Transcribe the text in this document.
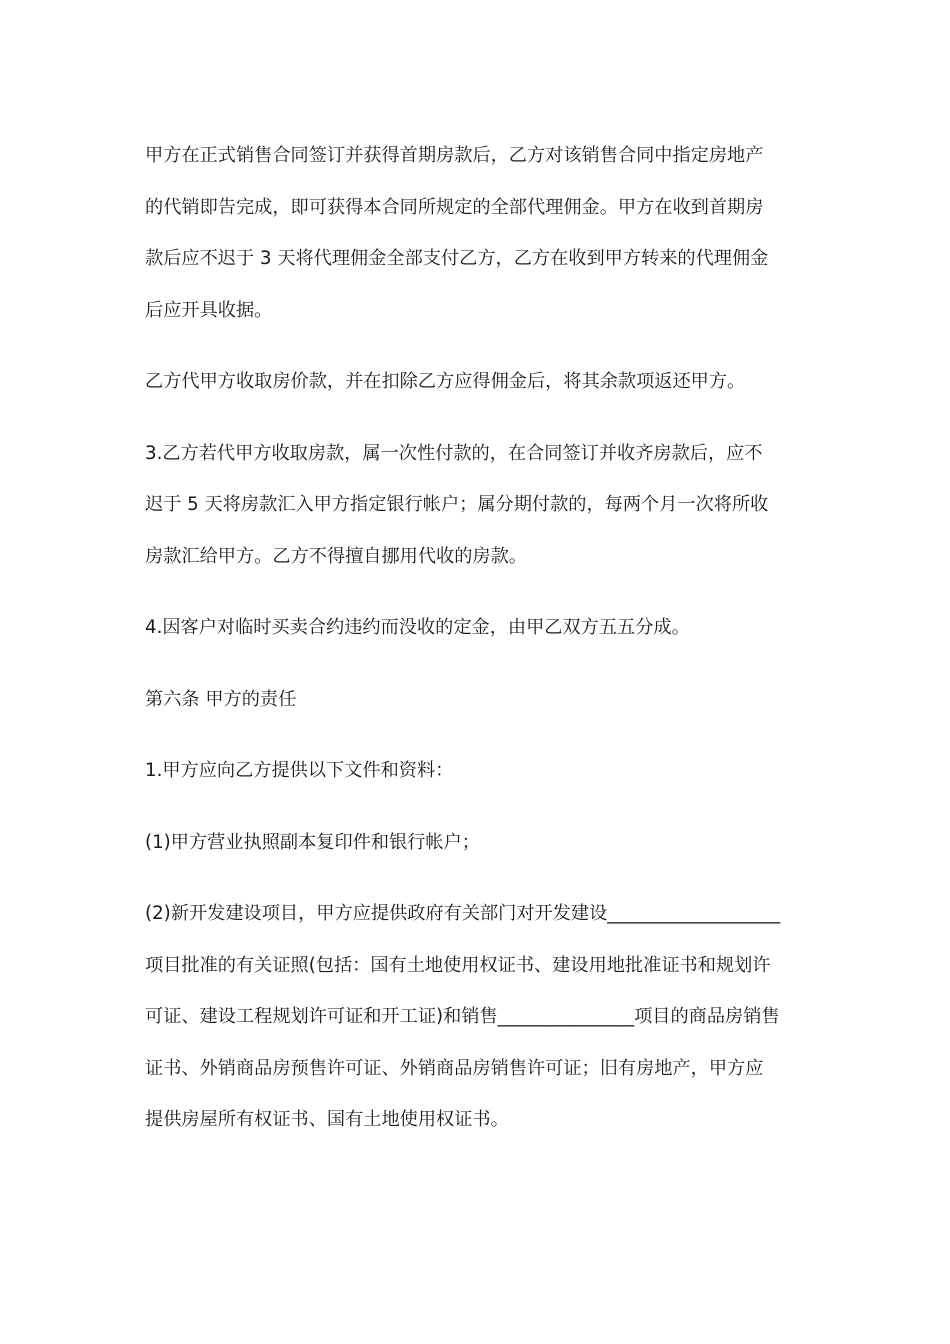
甲方在正式销售合同签订并获得首期房款后，乙方对该销售合同中指定房地产
的代销即告完成，即可获得本合同所规定的全部代理佣金。甲方在收到首期房
款后应不迟于 3 天将代理佣金全部支付乙方，乙方在收到甲方转来的代理佣金
后应开具收据。
乙方代甲方收取房价款，并在扣除乙方应得佣金后，将其余款项返还甲方。
3.乙方若代甲方收取房款，属一次性付款的，在合同签订并收齐房款后，应不
迟于 5 天将房款汇入甲方指定银行帐户；属分期付款的，每两个月一次将所收
房款汇给甲方。乙方不得擅自挪用代收的房款。
4.因客户对临时买卖合约违约而没收的定金，由甲乙双方五五分成。
第六条 甲方的责任
1.甲方应向乙方提供以下文件和资料：
(1)甲方营业执照副本复印件和银行帐户；
(2)新开发建设项目，甲方应提供政府有关部门对开发建设___________________
项目批准的有关证照(包括：国有土地使用权证书、建设用地批准证书和规划许
可证、建设工程规划许可证和开工证)和销售_______________项目的商品房销售
证书、外销商品房预售许可证、外销商品房销售许可证；旧有房地产，甲方应
提供房屋所有权证书、国有土地使用权证书。
